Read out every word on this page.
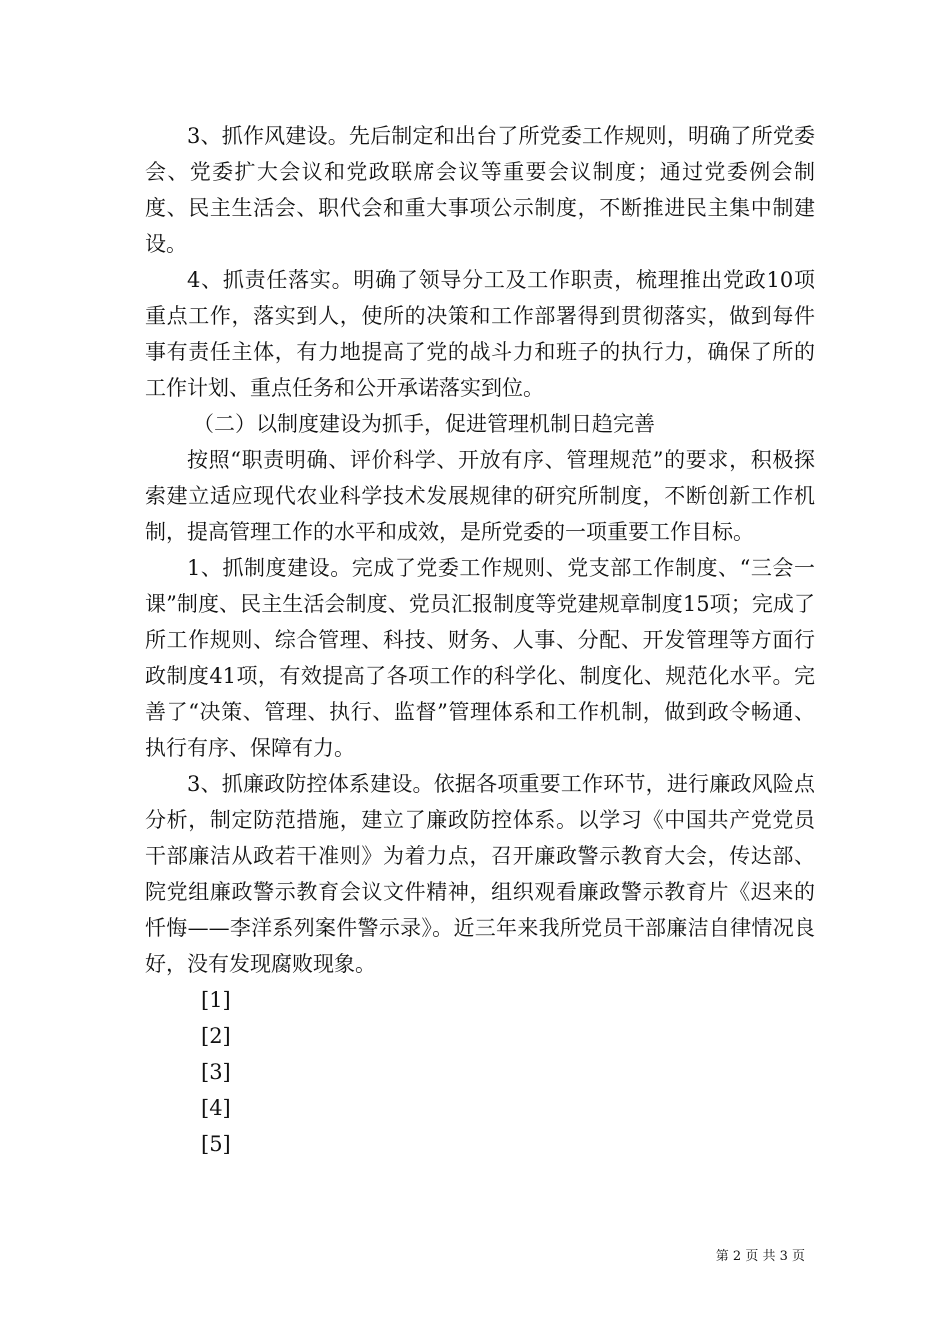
3、抓作风建设。先后制定和出台了所党委工作规则，明确了所党委会、党委扩大会议和党政联席会议等重要会议制度；通过党委例会制度、民主生活会、职代会和重大事项公示制度，不断推进民主集中制建设。

4、抓责任落实。明确了领导分工及工作职责，梳理推出党政10项重点工作，落实到人，使所的决策和工作部署得到贯彻落实，做到每件事有责任主体，有力地提高了党的战斗力和班子的执行力，确保了所的工作计划、重点任务和公开承诺落实到位。

（二）以制度建设为抓手，促进管理机制日趋完善

按照“职责明确、评价科学、开放有序、管理规范”的要求，积极探索建立适应现代农业科学技术发展规律的研究所制度，不断创新工作机制，提高管理工作的水平和成效，是所党委的一项重要工作目标。

1、抓制度建设。完成了党委工作规则、党支部工作制度、“三会一课”制度、民主生活会制度、党员汇报制度等党建规章制度15项；完成了所工作规则、综合管理、科技、财务、人事、分配、开发管理等方面行政制度41项，有效提高了各项工作的科学化、制度化、规范化水平。完善了“决策、管理、执行、监督”管理体系和工作机制，做到政令畅通、执行有序、保障有力。

3、抓廉政防控体系建设。依据各项重要工作环节，进行廉政风险点分析，制定防范措施，建立了廉政防控体系。以学习《中国共产党党员干部廉洁从政若干准则》为着力点，召开廉政警示教育大会，传达部、院党组廉政警示教育会议文件精神，组织观看廉政警示教育片《迟来的忏悔——李洋系列案件警示录》。近三年来我所党员干部廉洁自律情况良好，没有发现腐败现象。

[1]
[2]
[3]
[4]
[5]
第 2 页 共 3 页
